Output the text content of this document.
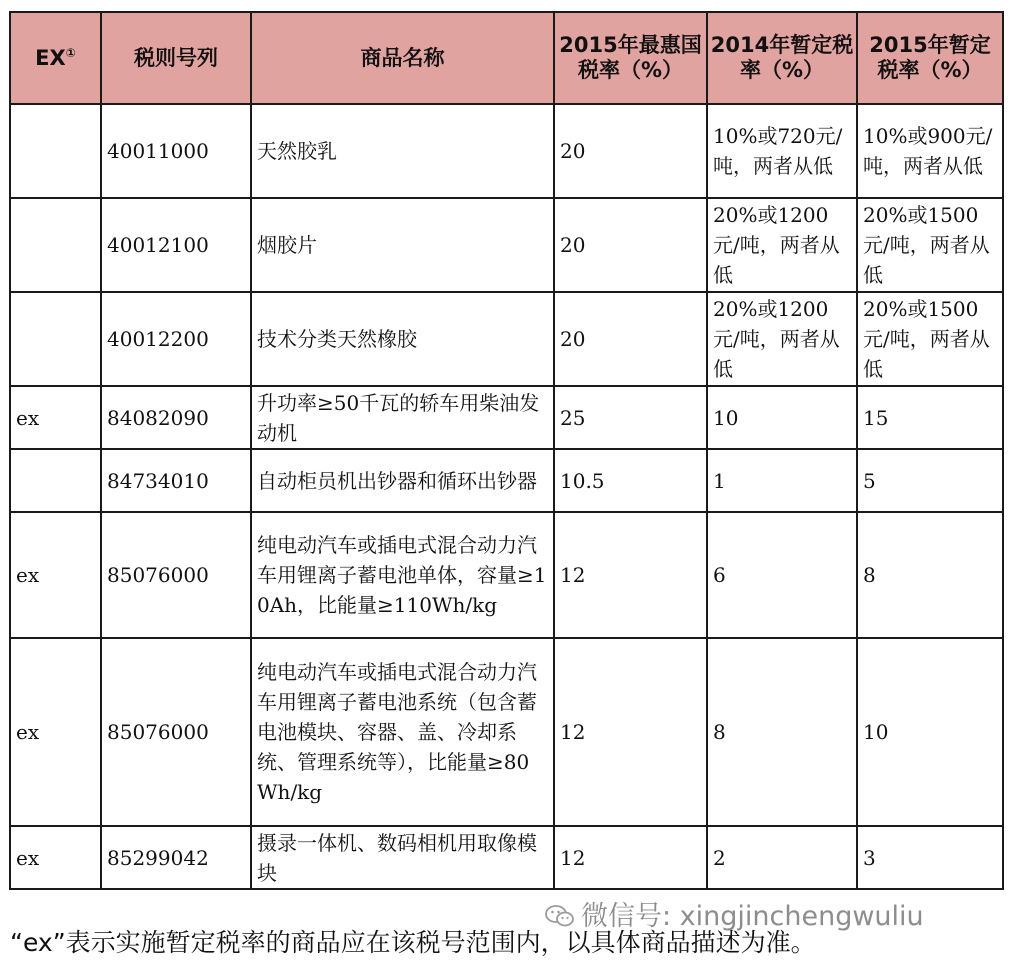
EX①	税则号列	商品名称	2015年最惠国税率（%）	2014年暂定税率（%）	2015年暂定税率（%）
	40011000	天然胶乳	20	10%或720元/吨，两者从低	10%或900元/吨，两者从低
	40012100	烟胶片	20	20%或1200元/吨，两者从低	20%或1500元/吨，两者从低
	40012200	技术分类天然橡胶	20	20%或1200元/吨，两者从低	20%或1500元/吨，两者从低
ex	84082090	升功率≥50千瓦的轿车用柴油发动机	25	10	15
	84734010	自动柜员机出钞器和循环出钞器	10.5	1	5
ex	85076000	纯电动汽车或插电式混合动力汽车用锂离子蓄电池单体，容量≥10Ah，比能量≥110Wh/kg	12	6	8
ex	85076000	纯电动汽车或插电式混合动力汽车用锂离子蓄电池系统（包含蓄电池模块、容器、盖、冷却系统、管理系统等），比能量≥80Wh/kg	12	8	10
ex	85299042	摄录一体机、数码相机用取像模块	12	2	3
微信号: xingjinchengwuliu
“ex”表示实施暂定税率的商品应在该税号范围内，以具体商品描述为准。
